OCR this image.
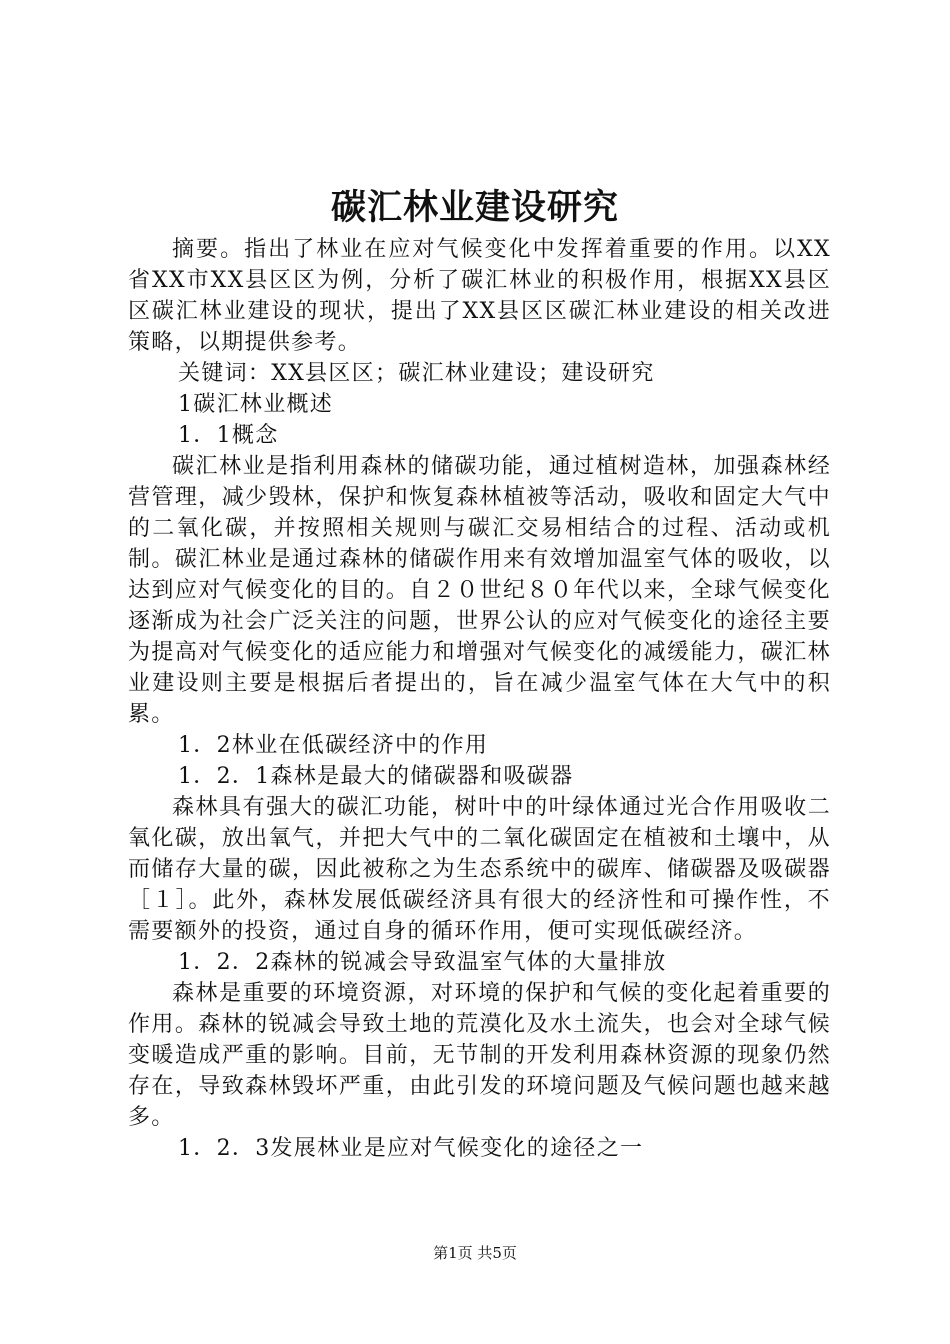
碳汇林业建设研究

摘要。指出了林业在应对气候变化中发挥着重要的作用。以XX省XX市XX县区区为例，分析了碳汇林业的积极作用，根据XX县区区碳汇林业建设的现状，提出了XX县区区碳汇林业建设的相关改进策略，以期提供参考。

关键词：XX县区区；碳汇林业建设；建设研究

1碳汇林业概述

1．1概念

碳汇林业是指利用森林的储碳功能，通过植树造林，加强森林经营管理，减少毁林，保护和恢复森林植被等活动，吸收和固定大气中的二氧化碳，并按照相关规则与碳汇交易相结合的过程、活动或机制。碳汇林业是通过森林的储碳作用来有效增加温室气体的吸收，以达到应对气候变化的目的。自２０世纪８０年代以来，全球气候变化逐渐成为社会广泛关注的问题，世界公认的应对气候变化的途径主要为提高对气候变化的适应能力和增强对气候变化的减缓能力，碳汇林业建设则主要是根据后者提出的，旨在减少温室气体在大气中的积累。

1．2林业在低碳经济中的作用

1．2．1森林是最大的储碳器和吸碳器

森林具有强大的碳汇功能，树叶中的叶绿体通过光合作用吸收二氧化碳，放出氧气，并把大气中的二氧化碳固定在植被和土壤中，从而储存大量的碳，因此被称之为生态系统中的碳库、储碳器及吸碳器［１］。此外，森林发展低碳经济具有很大的经济性和可操作性，不需要额外的投资，通过自身的循环作用，便可实现低碳经济。

1．2．2森林的锐减会导致温室气体的大量排放

森林是重要的环境资源，对环境的保护和气候的变化起着重要的作用。森林的锐减会导致土地的荒漠化及水土流失，也会对全球气候变暖造成严重的影响。目前，无节制的开发利用森林资源的现象仍然存在，导致森林毁坏严重，由此引发的环境问题及气候问题也越来越多。

1．2．3发展林业是应对气候变化的途径之一

第1页 共5页
